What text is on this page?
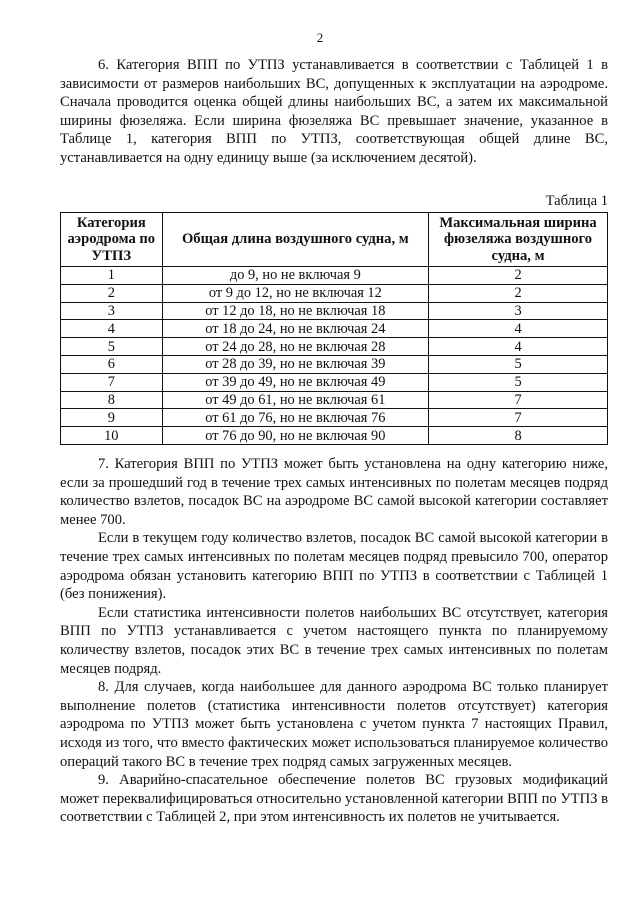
2

6. Категория ВПП по УТПЗ устанавливается в соответствии с Таблицей 1 в зависимости от размеров наибольших ВС, допущенных к эксплуатации на аэродроме. Сначала проводится оценка общей длины наибольших ВС, а затем их максимальной ширины фюзеляжа. Если ширина фюзеляжа ВС превышает значение, указанное в Таблице 1, категория ВПП по УТПЗ, соответствующая общей длине ВС, устанавливается на одну единицу выше (за исключением десятой).

Таблица 1
Категория аэродрома по УТПЗ	Общая длина воздушного судна, м	Максимальная ширина фюзеляжа воздушного судна, м
1	до 9, но не включая 9	2
2	от 9 до 12, но не включая 12	2
3	от 12 до 18, но не включая 18	3
4	от 18 до 24, но не включая 24	4
5	от 24 до 28, но не включая 28	4
6	от 28 до 39, но не включая 39	5
7	от 39 до 49, но не включая 49	5
8	от 49 до 61, но не включая 61	7
9	от 61 до 76, но не включая 76	7
10	от 76 до 90, но не включая 90	8

7. Категория ВПП по УТПЗ может быть установлена на одну категорию ниже, если за прошедший год в течение трех самых интенсивных по полетам месяцев подряд количество взлетов, посадок ВС на аэродроме ВС самой высокой категории составляет менее 700.

Если в текущем году количество взлетов, посадок ВС самой высокой категории в течение трех самых интенсивных по полетам месяцев подряд превысило 700, оператор аэродрома обязан установить категорию ВПП по УТПЗ в соответствии с Таблицей 1 (без понижения).

Если статистика интенсивности полетов наибольших ВС отсутствует, категория ВПП по УТПЗ устанавливается с учетом настоящего пункта по планируемому количеству взлетов, посадок этих ВС в течение трех самых интенсивных по полетам месяцев подряд.

8. Для случаев, когда наибольшее для данного аэродрома ВС только планирует выполнение полетов (статистика интенсивности полетов отсутствует) категория аэродрома по УТПЗ может быть установлена с учетом пункта 7 настоящих Правил, исходя из того, что вместо фактических может использоваться планируемое количество операций такого ВС в течение трех подряд самых загруженных месяцев.

9. Аварийно-спасательное обеспечение полетов ВС грузовых модификаций может переквалифицироваться относительно установленной категории ВПП по УТПЗ в соответствии с Таблицей 2, при этом интенсивность их полетов не учитывается.
